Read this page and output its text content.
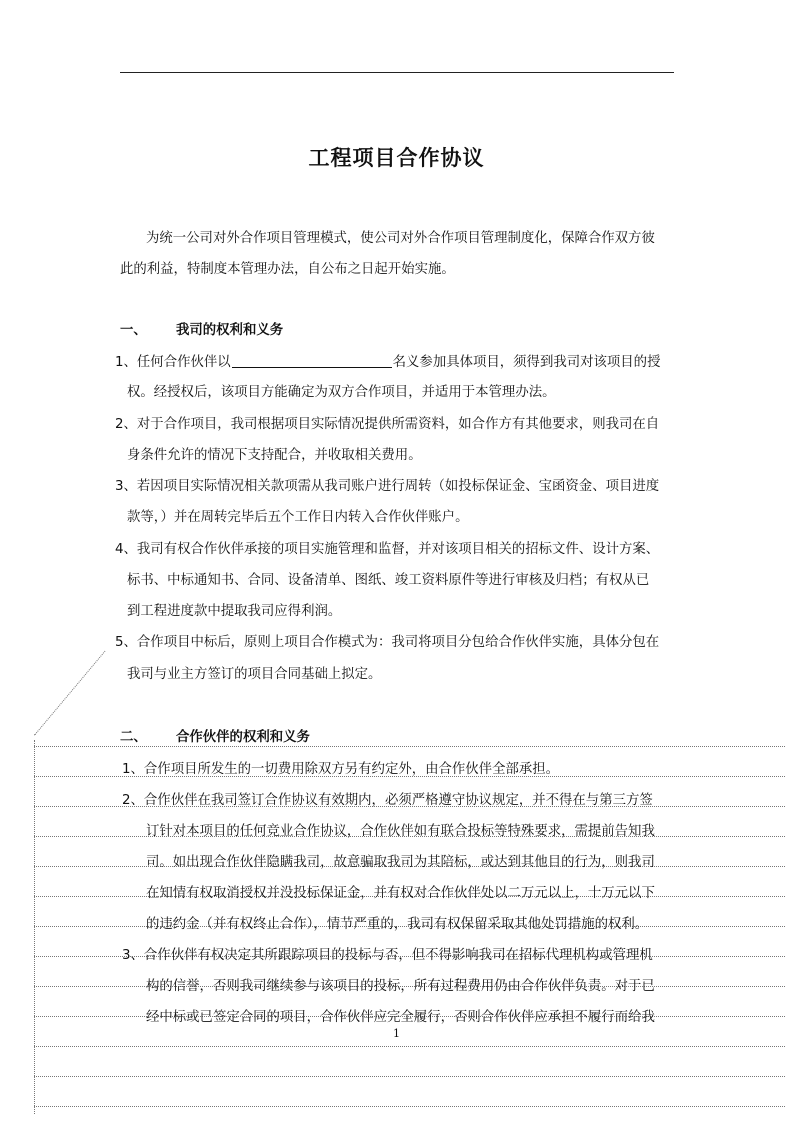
工程项目合作协议
为统一公司对外合作项目管理模式，使公司对外合作项目管理制度化，保障合作双方彼
此的利益，特制度本管理办法，自公布之日起开始实施。
一、 我司的权利和义务
1、任何合作伙伴以	名义参加具体项目，须得到我司对该项目的授
权。经授权后，该项目方能确定为双方合作项目，并适用于本管理办法。
2、对于合作项目，我司根据项目实际情况提供所需资料，如合作方有其他要求，则我司在自
身条件允许的情况下支持配合，并收取相关费用。
3、若因项目实际情况相关款项需从我司账户进行周转（如投标保证金、宝函资金、项目进度
款等，）并在周转完毕后五个工作日内转入合作伙伴账户。
4、我司有权合作伙伴承接的项目实施管理和监督，并对该项目相关的招标文件、设计方案、
标书、中标通知书、合同、设备清单、图纸、竣工资料原件等进行审核及归档；有权从已
到工程进度款中提取我司应得利润。
5、合作项目中标后，原则上项目合作模式为：我司将项目分包给合作伙伴实施，具体分包在
我司与业主方签订的项目合同基础上拟定。
二、 合作伙伴的权利和义务
1、合作项目所发生的一切费用除双方另有约定外，由合作伙伴全部承担。
2、合作伙伴在我司签订合作协议有效期内，必须严格遵守协议规定，并不得在与第三方签
订针对本项目的任何竞业合作协议，合作伙伴如有联合投标等特殊要求，需提前告知我
司。如出现合作伙伴隐瞒我司，故意骗取我司为其陪标，或达到其他目的行为，则我司
在知情有权取消授权并没投标保证金，并有权对合作伙伴处以二万元以上，十万元以下
的违约金（并有权终止合作），情节严重的，我司有权保留采取其他处罚措施的权利。
3、合作伙伴有权决定其所跟踪项目的投标与否，但不得影响我司在招标代理机构或管理机
构的信誉，否则我司继续参与该项目的投标，所有过程费用仍由合作伙伴负责。对于已
经中标或已签定合同的项目，合作伙伴应完全履行，否则合作伙伴应承担不履行而给我
1
